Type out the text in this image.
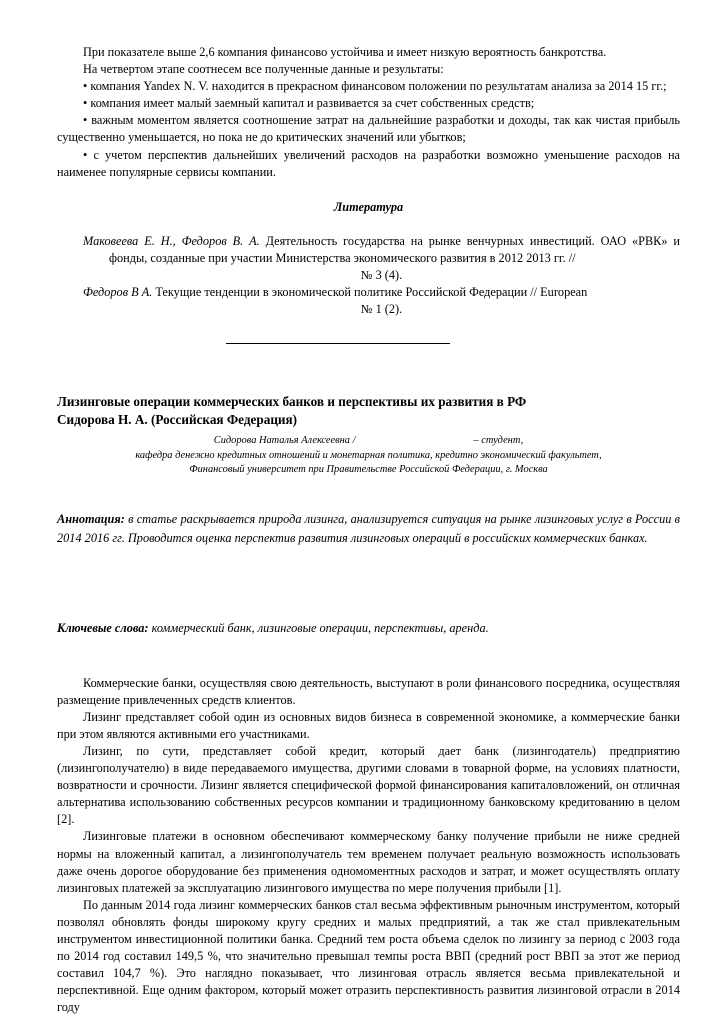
При показателе выше 2,6 компания финансово устойчива и имеет низкую вероятность банкротства.

На четвертом этапе соотнесем все полученные данные и результаты:

• компания Yandex N. V. находится в прекрасном финансовом положении по результатам анализа за 2014 15 гг.;

• компания имеет малый заемный капитал и развивается за счет собственных средств;

• важным моментом является соотношение затрат на дальнейшие разработки и доходы, так как чистая прибыль существенно уменьшается, но пока не до критических значений или убытков;

• с учетом перспектив дальнейших увеличений расходов на разработки возможно уменьшение расходов на наименее популярные сервисы компании.

Литература
Маковеева Е. Н., Федоров В. А. Деятельность государства на рынке венчурных инвестиций. ОАО «РВК» и фонды, созданные при участии Министерства экономического развития в 2012 2013 гг. //
№ 3 (4).
Федоров В А. Текущие тенденции в экономической политике Российской Федерации // European
№ 1 (2).

Лизинговые операции коммерческих банков и перспективы их развития в РФ

Сидорова Н. А. (Российская Федерация)

Сидорова Наталья Алексеевна /	– студент,

кафедра денежно кредитных отношений и монетарная политика, кредитно экономический факультет,

Финансовый университет при Правительстве Российской Федерации, г. Москва

Аннотация: в статье раскрывается природа лизинга, анализируется ситуация на рынке лизинговых услуг в России в 2014 2016 гг. Проводится оценка перспектив развития лизинговых операций в российских коммерческих банках.

Ключевые слова: коммерческий банк, лизинговые операции, перспективы, аренда.

Коммерческие банки, осуществляя свою деятельность, выступают в роли финансового посредника, осуществляя размещение привлеченных средств клиентов.

Лизинг представляет собой один из основных видов бизнеса в современной экономике, а коммерческие банки при этом являются активными его участниками.

Лизинг, по сути, представляет собой кредит, который дает банк (лизингодатель) предприятию (лизингополучателю) в виде передаваемого имущества, другими словами в товарной форме, на условиях платности, возвратности и срочности. Лизинг является специфической формой финансирования капиталовложений, он отличная альтернатива использованию собственных ресурсов компании и традиционному банковскому кредитованию в целом [2].

Лизинговые платежи в основном обеспечивают коммерческому банку получение прибыли не ниже средней нормы на вложенный капитал, а лизингополучатель тем временем получает реальную возможность использовать даже очень дорогое оборудование без применения одномоментных расходов и затрат, и может осуществлять оплату лизинговых платежей за эксплуатацию лизингового имущества по мере получения прибыли [1].

По данным 2014 года лизинг коммерческих банков стал весьма эффективным рыночным инструментом, который позволял обновлять фонды широкому кругу средних и малых предприятий, а так же стал привлекательным инструментом инвестиционной политики банка. Средний тем роста объема сделок по лизингу за период с 2003 года по 2014 год составил 149,5 %, что значительно превышал темпы роста ВВП (средний рост ВВП за этот же период составил 104,7 %). Это наглядно показывает, что лизинговая отрасль является весьма привлекательной и перспективной. Еще одним фактором, который может отразить перспективность развития лизинговой отрасли в 2014 году
